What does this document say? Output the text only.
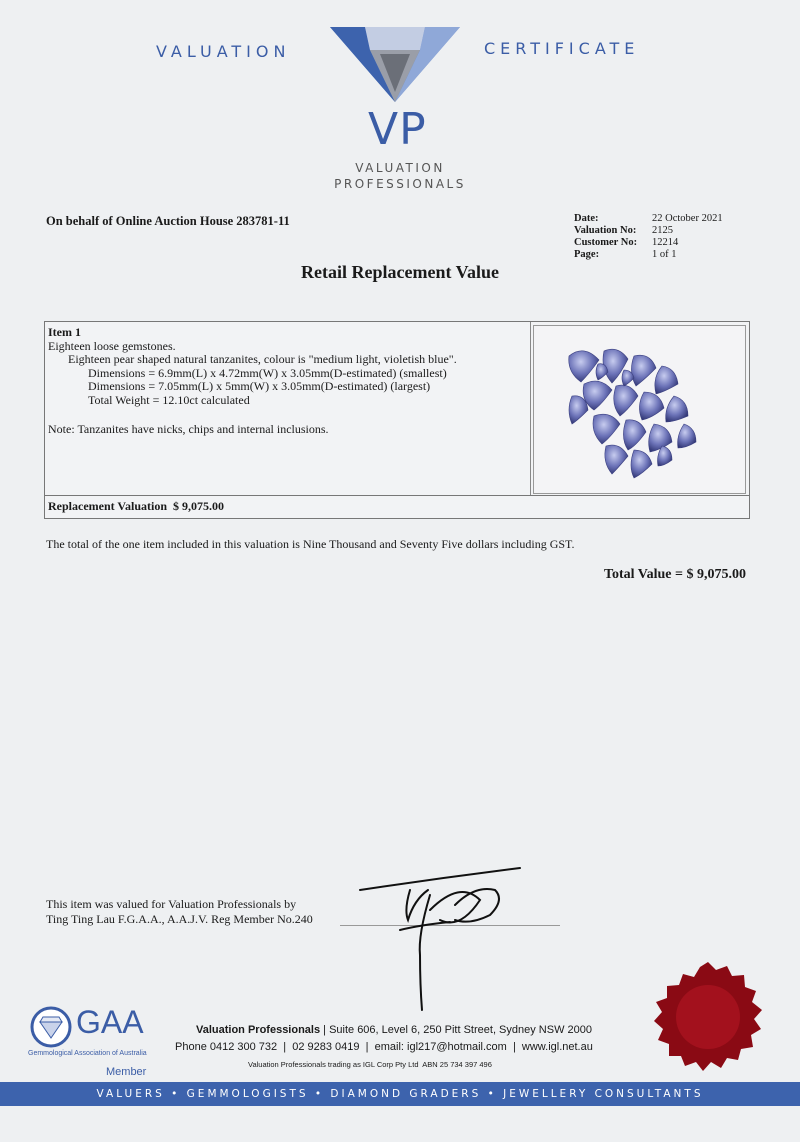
VALUATION	CERTIFICATE
VP
VALUATION
PROFESSIONALS
On behalf of Online Auction House 283781-11	Date:	22 October 2021
Valuation No:	2125
Customer No:	12214
Page:	1 of 1
Retail Replacement Value
Item 1
Eighteen loose gemstones.
Eighteen pear shaped natural tanzanites, colour is "medium light, violetish blue".
Dimensions = 6.9mm(L) x 4.72mm(W) x 3.05mm(D-estimated) (smallest)
Dimensions = 7.05mm(L) x 5mm(W) x 3.05mm(D-estimated) (largest)
Total Weight = 12.10ct calculated
Note: Tanzanites have nicks, chips and internal inclusions.
Replacement Valuation $ 9,075.00
The total of the one item included in this valuation is Nine Thousand and Seventy Five dollars including GST.
Total Value = $ 9,075.00
This item was valued for Valuation Professionals by
Ting Ting Lau F.G.A.A., A.A.J.V. Reg Member No.240
GAA
Gemmological Association of Australia
Member
Valuation Professionals | Suite 606, Level 6, 250 Pitt Street, Sydney NSW 2000
Phone 0412 300 732  |  02 9283 0419  |  email: igl217@hotmail.com  |  www.igl.net.au
Valuation Professionals trading as IGL Corp Pty Ltd  ABN 25 734 397 496
VALUERS • GEMMOLOGISTS • DIAMOND GRADERS • JEWELLERY CONSULTANTS
